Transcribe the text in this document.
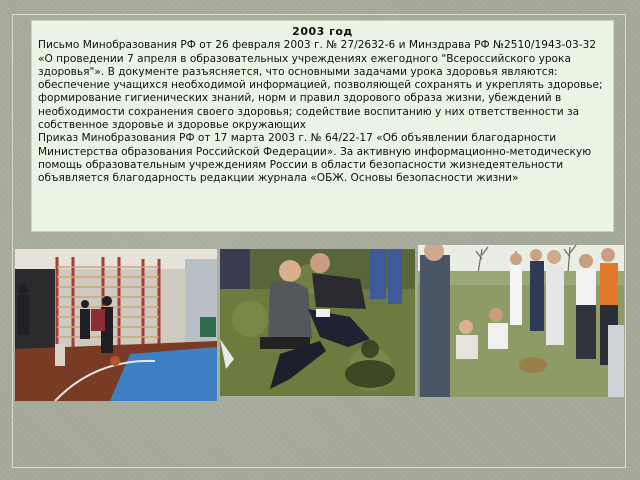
2003 год

Письмо Минобразования РФ от 26 февраля 2003 г. № 27/2632-6 и Минздрава РФ №2510/1943-03-32 «О проведении 7 апреля в образовательных учреждениях ежегодного "Всероссийского урока здоровья"». В документе разъясняется, что основными задачами урока здоровья являются: обеспечение учащихся необходимой информацией, позволяющей сохранять и укреплять здоровье; формирование гигиенических знаний, норм и правил здорового образа жизни, убеждений в необходимости сохранения своего здоровья; содействие воспитанию у них ответственности за собственное здоровье и здоровье окружающих

Приказ Минобразования РФ от 17 марта 2003 г. № 64/22-17 «Об объявлении благодарности Министерства образования Российской Федерации». За активную информационно-методическую помощь образовательным учреждениям России в области безопасности жизнедеятельности объявляется благодарность редакции журнала «ОБЖ. Основы безопасности жизни»
